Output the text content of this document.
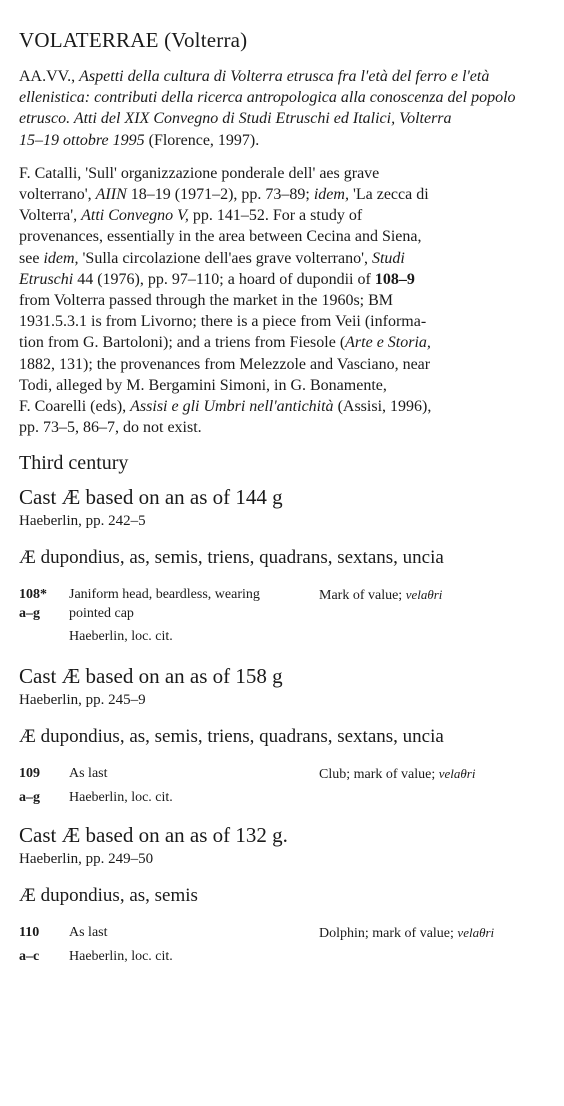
VOLATERRAE (Volterra)

AA.VV., Aspetti della cultura di Volterra etrusca fra l'età del ferro e l'età
ellenistica: contributi della ricerca antropologica alla conoscenza del popolo
etrusco. Atti del XIX Convegno di Studi Etruschi ed Italici, Volterra
15–19 ottobre 1995 (Florence, 1997).

F. Catalli, 'Sull' organizzazione ponderale dell' aes grave
volterrano', AIIN 18–19 (1971–2), pp. 73–89; idem, 'La zecca di
Volterra', Atti Convegno V, pp. 141–52. For a study of
provenances, essentially in the area between Cecina and Siena,
see idem, 'Sulla circolazione dell'aes grave volterrano', Studi
Etruschi 44 (1976), pp. 97–110; a hoard of dupondii of 108–9
from Volterra passed through the market in the 1960s; BM
1931.5.3.1 is from Livorno; there is a piece from Veii (informa-
tion from G. Bartoloni); and a triens from Fiesole (Arte e Storia,
1882, 131); the provenances from Melezzole and Vasciano, near
Todi, alleged by M. Bergamini Simoni, in G. Bonamente,
F. Coarelli (eds), Assisi e gli Umbri nell'antichità (Assisi, 1996),
pp. 73–5, 86–7, do not exist.

Third century
Cast Æ based on an as of 144 g
Haeberlin, pp. 242–5
Æ dupondius, as, semis, triens, quadrans, sextans, uncia
108*
a–g
Janiform head, beardless, wearing
pointed cap
Haeberlin, loc. cit.
Mark of value; velaθri
Cast Æ based on an as of 158 g
Haeberlin, pp. 245–9
Æ dupondius, as, semis, triens, quadrans, sextans, uncia
109
a–g
As last
Haeberlin, loc. cit.
Club; mark of value; velaθri
Cast Æ based on an as of 132 g.
Haeberlin, pp. 249–50
Æ dupondius, as, semis
110
a–c
As last
Haeberlin, loc. cit.
Dolphin; mark of value; velaθri
